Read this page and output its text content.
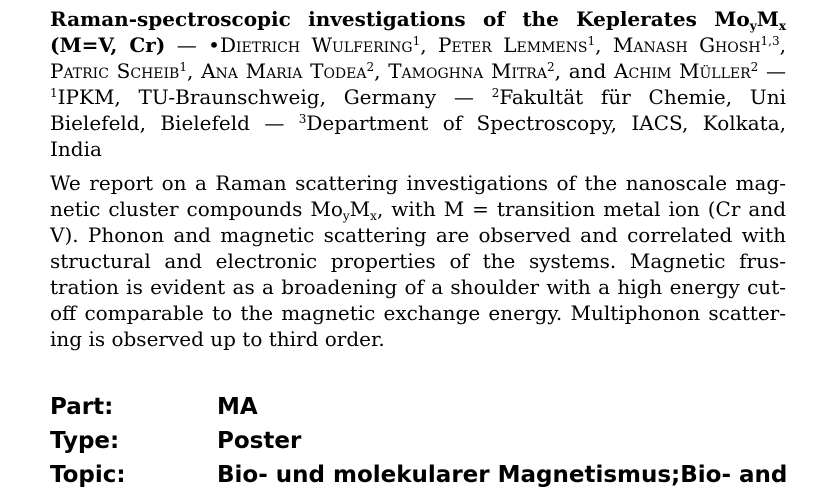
Raman-spectroscopic investigations of the Keplerates $Mo_yM_x$ (M=V, Cr) — •Dietrich Wulfering$^1$, Peter Lemmens$^1$, Manash Ghosh$^{1,3}$, Patric Scheib$^1$, Ana Maria Todea$^2$, Tamoghna Mitra$^2$, and Achim Müller$^2$ — $^1$IPKM, TU-Braunschweig, Germany — $^2$Fakultät für Chemie, Uni Bielefeld, Bielefeld — $^3$Department of Spectroscopy, IACS, Kolkata, India

We report on a Raman scattering investigations of the nanoscale magnetic cluster compounds $Mo_yM_x$, with M = transition metal ion (Cr and V). Phonon and magnetic scattering are observed and correlated with structural and electronic properties of the systems. Magnetic frustration is evident as a broadening of a shoulder with a high energy cutoff comparable to the magnetic exchange energy. Multiphonon scattering is observed up to third order.

Part:	MA
Type:	Poster
Topic:	Bio- und molekularer Magnetismus;Bio- and
